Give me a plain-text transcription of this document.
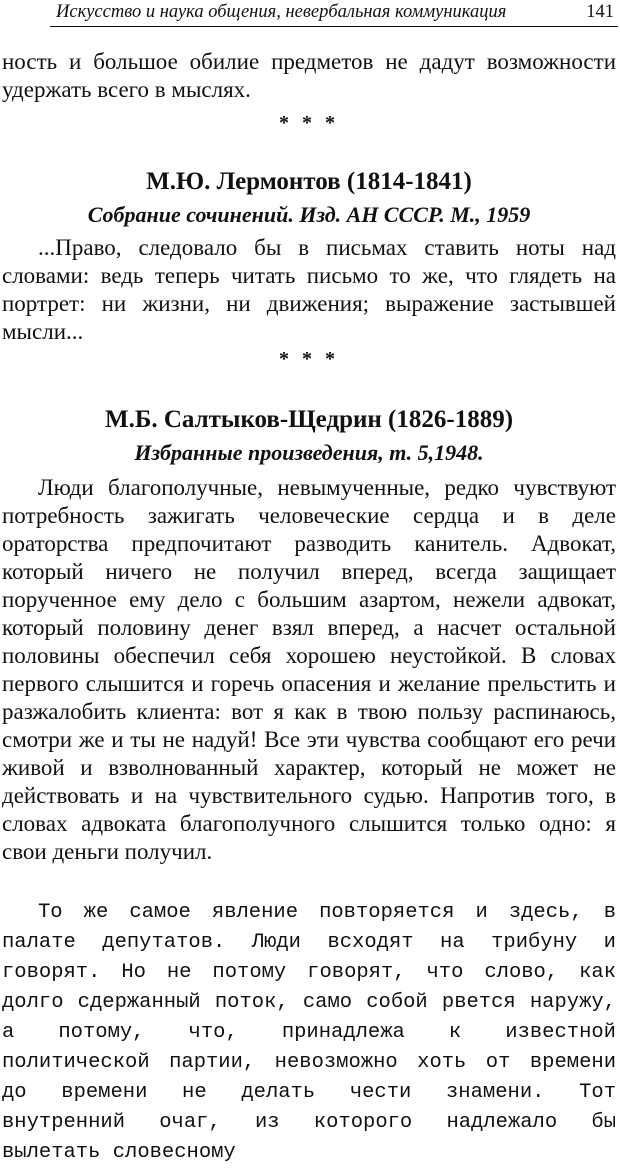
Искусство и наука общения, невербальная коммуникация	141

ность и большое обилие предметов не дадут возможности удержать всего в мыслях.

* * *
М.Ю. Лермонтов (1814-1841)
Собрание сочинений. Изд. АН СССР. М., 1959

...Право, следовало бы в письмах ставить ноты над словами: ведь теперь читать письмо то же, что глядеть на портрет: ни жизни, ни движения; выражение застывшей мысли...

* * *
М.Б. Салтыков-Щедрин (1826-1889)
Избранные произведения, т. 5,1948.

Люди благополучные, невымученные, редко чувствуют потребность зажигать человеческие сердца и в деле ораторства предпочитают разводить канитель. Адвокат, который ничего не получил вперед, всегда защищает порученное ему дело с большим азартом, нежели адвокат, который половину денег взял вперед, а насчет остальной половины обеспечил себя хорошею неустойкой. В словах первого слышится и горечь опасения и желание прельстить и разжалобить клиента: вот я как в твою пользу распинаюсь, смотри же и ты не надуй! Все эти чувства сообщают его речи живой и взволнованный характер, который не может не действовать и на чувствительного судью. Напротив того, в словах адвоката благополучного слышится только одно: я свои деньги получил.

То же самое явление повторяется и здесь, в палате депутатов. Люди всходят на трибуну и говорят. Но не потому говорят, что слово, как долго сдержанный поток, само собой рвется наружу, а потому, что, принадлежа к известной политической партии, невозможно хоть от времени до времени не делать чести знамени. Тот внутренний очаг, из которого надлежало бы вылетать словесному
